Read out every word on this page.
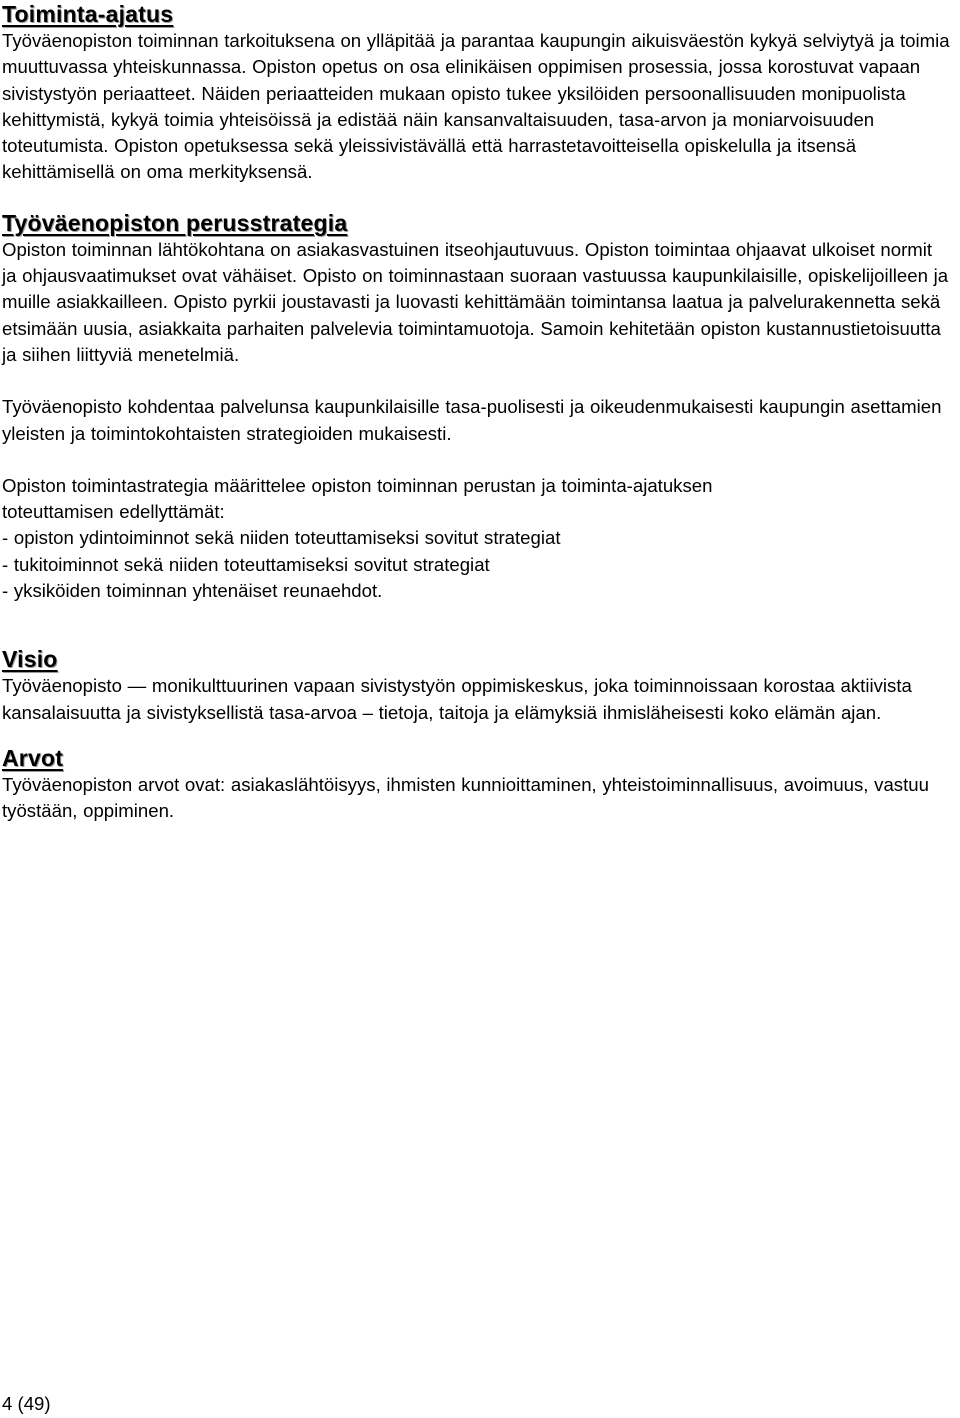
Toiminta-ajatus

Työväenopiston toiminnan tarkoituksena on ylläpitää ja parantaa kaupungin aikuisväestön kykyä selviytyä ja toimia muuttuvassa yhteiskunnassa. Opiston opetus on osa elinikäisen oppimisen prosessia, jossa korostuvat vapaan sivistystyön periaatteet. Näiden periaatteiden mukaan opisto tukee yksilöiden persoonallisuuden monipuolista kehittymistä, kykyä toimia yhteisöissä ja edistää näin kansanvaltaisuuden, tasa-arvon ja moniarvoisuuden toteutumista. Opiston opetuksessa sekä yleissivistävällä että harrastetavoitteisella opiskelulla ja itsensä kehittämisellä on oma merkityksensä.

Työväenopiston perusstrategia

Opiston toiminnan lähtökohtana on asiakasvastuinen itseohjautuvuus. Opiston toimintaa ohjaavat ulkoiset normit ja ohjausvaatimukset ovat vähäiset. Opisto on toiminnastaan suoraan vastuussa kaupunkilaisille, opiskelijoilleen ja muille asiakkailleen. Opisto pyrkii joustavasti ja luovasti kehittämään toimintansa laatua ja palvelurakennetta sekä etsimään uusia, asiakkaita parhaiten palvelevia toimintamuotoja. Samoin kehitetään opiston kustannustietoisuutta ja siihen liittyviä menetelmiä.

Työväenopisto kohdentaa palvelunsa kaupunkilaisille tasa-puolisesti ja oikeudenmukaisesti kaupungin asettamien yleisten ja toimintokohtaisten strategioiden mukaisesti.

Opiston toimintastrategia määrittelee opiston toiminnan perustan ja toiminta-ajatuksen
toteuttamisen edellyttämät:
- opiston ydintoiminnot sekä niiden toteuttamiseksi sovitut strategiat
- tukitoiminnot sekä niiden toteuttamiseksi sovitut strategiat
- yksiköiden toiminnan yhtenäiset reunaehdot.

Visio

Työväenopisto — monikulttuurinen vapaan sivistystyön oppimiskeskus, joka toiminnoissaan korostaa aktiivista kansalaisuutta ja sivistyksellistä tasa-arvoa – tietoja, taitoja ja elämyksiä ihmisläheisesti koko elämän ajan.

Arvot

Työväenopiston arvot ovat: asiakaslähtöisyys, ihmisten kunnioittaminen, yhteistoiminnallisuus, avoimuus, vastuu työstään, oppiminen.

4 (49)
